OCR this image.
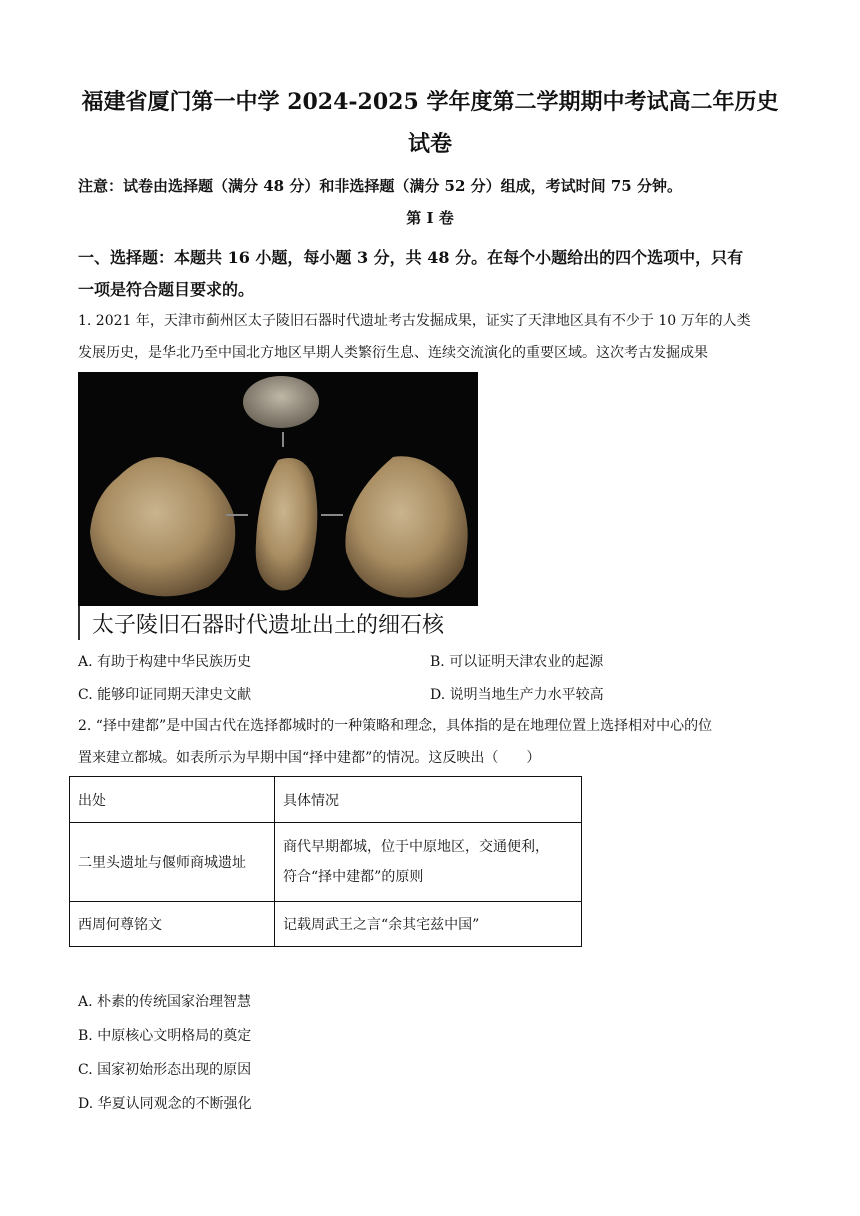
福建省厦门第一中学 2024-2025 学年度第二学期期中考试高二年历史
试卷
注意：试卷由选择题（满分 48 分）和非选择题（满分 52 分）组成，考试时间 75 分钟。
第 I 卷
一、选择题：本题共 16 小题，每小题 3 分，共 48 分。在每个小题给出的四个选项中，只有
一项是符合题目要求的。
1. 2021 年，天津市蓟州区太子陵旧石器时代遗址考古发掘成果，证实了天津地区具有不少于 10 万年的人类
发展历史，是华北乃至中国北方地区早期人类繁衍生息、连续交流演化的重要区域。这次考古发掘成果
太子陵旧石器时代遗址出土的细石核
A. 有助于构建中华民族历史	B. 可以证明天津农业的起源
C. 能够印证同期天津史文献	D. 说明当地生产力水平较高
2. “择中建都”是中国古代在选择都城时的一种策略和理念，具体指的是在地理位置上选择相对中心的位
置来建立都城。如表所示为早期中国“择中建都”的情况。这反映出（　　）
出处	具体情况
二里头遗址与偃师商城遗址	商代早期都城，位于中原地区，交通便利，
符合“择中建都”的原则

西周何尊铭文	记载周武王之言“余其宅兹中国”
A. 朴素的传统国家治理智慧
B. 中原核心文明格局的奠定
C. 国家初始形态出现的原因
D. 华夏认同观念的不断强化
